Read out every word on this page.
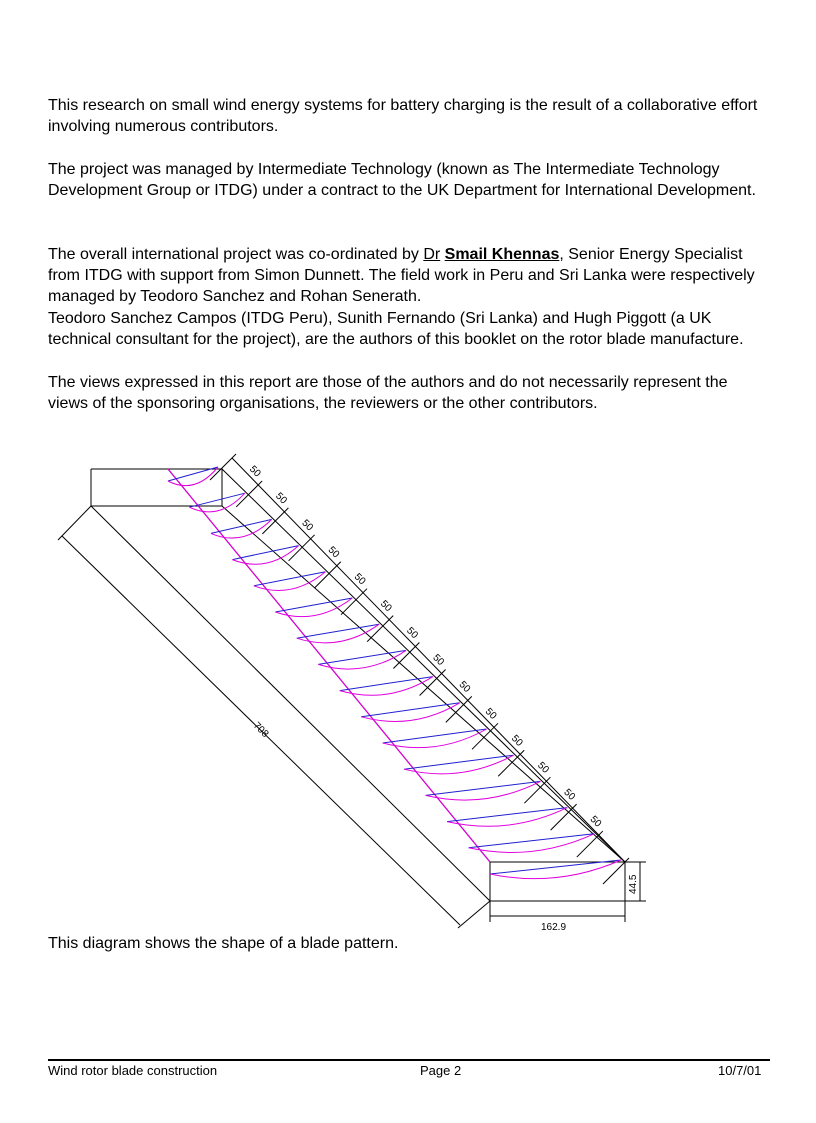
This research on small wind energy systems for battery charging is the result of a collaborative effort involving numerous contributors.

The project was managed by Intermediate Technology (known as The Intermediate Technology Development Group or ITDG) under a contract to the UK Department for International Development.

The overall international project was co-ordinated by Dr Smail Khennas, Senior Energy Specialist from ITDG with support from Simon Dunnett. The field work in Peru and Sri Lanka were respectively managed by Teodoro Sanchez and Rohan Senerath.

Teodoro Sanchez Campos (ITDG Peru), Sunith Fernando (Sri Lanka) and Hugh Piggott (a UK technical consultant for the project), are the authors of this booklet on the rotor blade manufacture.

The views expressed in this report are those of the authors and do not necessarily represent the views of the sponsoring organisations, the reviewers or the other contributors.

50
50
50
50
50
50
50
50
50
50
50
50
50
50
708
44.5
162.9

This diagram shows the shape of a blade pattern.

Wind rotor blade construction	Page 2	10/7/01
